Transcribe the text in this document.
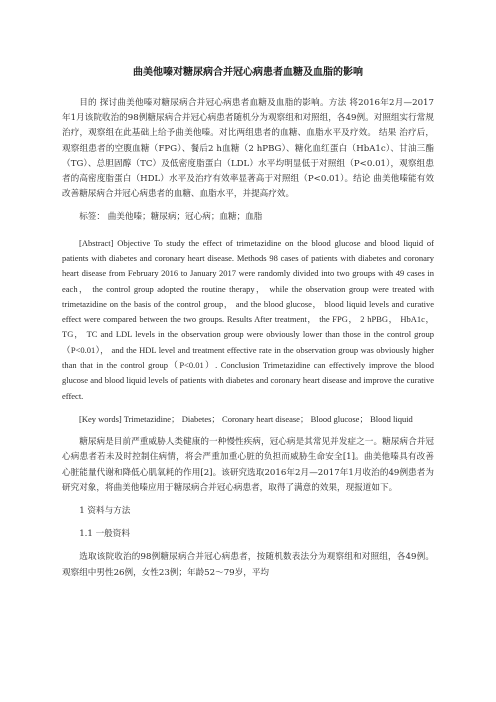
曲美他嗪对糖尿病合并冠心病患者血糖及血脂的影响

目的 探讨曲美他嗪对糖尿病合并冠心病患者血糖及血脂的影响。方法 将2016年2月—2017年1月该院收治的98例糖尿病合并冠心病患者随机分为观察组和对照组，各49例。对照组实行常规治疗，观察组在此基础上给予曲美他嗪。对比两组患者的血糖、血脂水平及疗效。 结果 治疗后，观察组患者的空腹血糖（FPG）、餐后2 h血糖（2 hPBG）、糖化血红蛋白（HbA1c）、甘油三酯（TG）、总胆固醇（TC）及低密度脂蛋白（LDL）水平均明显低于对照组（P<0.01），观察组患者的高密度脂蛋白（HDL）水平及治疗有效率显著高于对照组（P<0.01）。结论 曲美他嗪能有效改善糖尿病合并冠心病患者的血糖、血脂水平，并提高疗效。

标签： 曲美他嗪；糖尿病；冠心病；血糖；血脂

[Abstract] Objective To study the effect of trimetazidine on the blood glucose and blood liquid of patients with diabetes and coronary heart disease. Methods 98 cases of patients with diabetes and coronary heart disease from February 2016 to January 2017 were randomly divided into two groups with 49 cases in each， the control group adopted the routine therapy， while the observation group were treated with trimetazidine on the basis of the control group， and the blood glucose， blood liquid levels and curative effect were compared between the two groups. Results After treatment， the FPG， 2 hPBG， HbA1c， TG， TC and LDL levels in the observation group were obviously lower than those in the control group（P<0.01）， and the HDL level and treatment effective rate in the observation group was obviously higher than that in the control group（P<0.01）. Conclusion Trimetazidine can effectively improve the blood glucose and blood liquid levels of patients with diabetes and coronary heart disease and improve the curative effect.

[Key words] Trimetazidine； Diabetes； Coronary heart disease； Blood glucose； Blood liquid

糖尿病是目前严重威胁人类健康的一种慢性疾病，冠心病是其常见并发症之一。糖尿病合并冠心病患者若未及时控制住病情，将会严重加重心脏的负担而威胁生命安全[1]。曲美他嗪具有改善心脏能量代谢和降低心肌氧耗的作用[2]。该研究选取2016年2月—2017年1月收治的49例患者为研究对象，将曲美他嗪应用于糖尿病合并冠心病患者，取得了满意的效果，现报道如下。

1 资料与方法

1.1 一般资料

选取该院收治的98例糖尿病合并冠心病患者，按随机数表法分为观察组和对照组，各49例。观察组中男性26例，女性23例；年龄52～79岁，平均
